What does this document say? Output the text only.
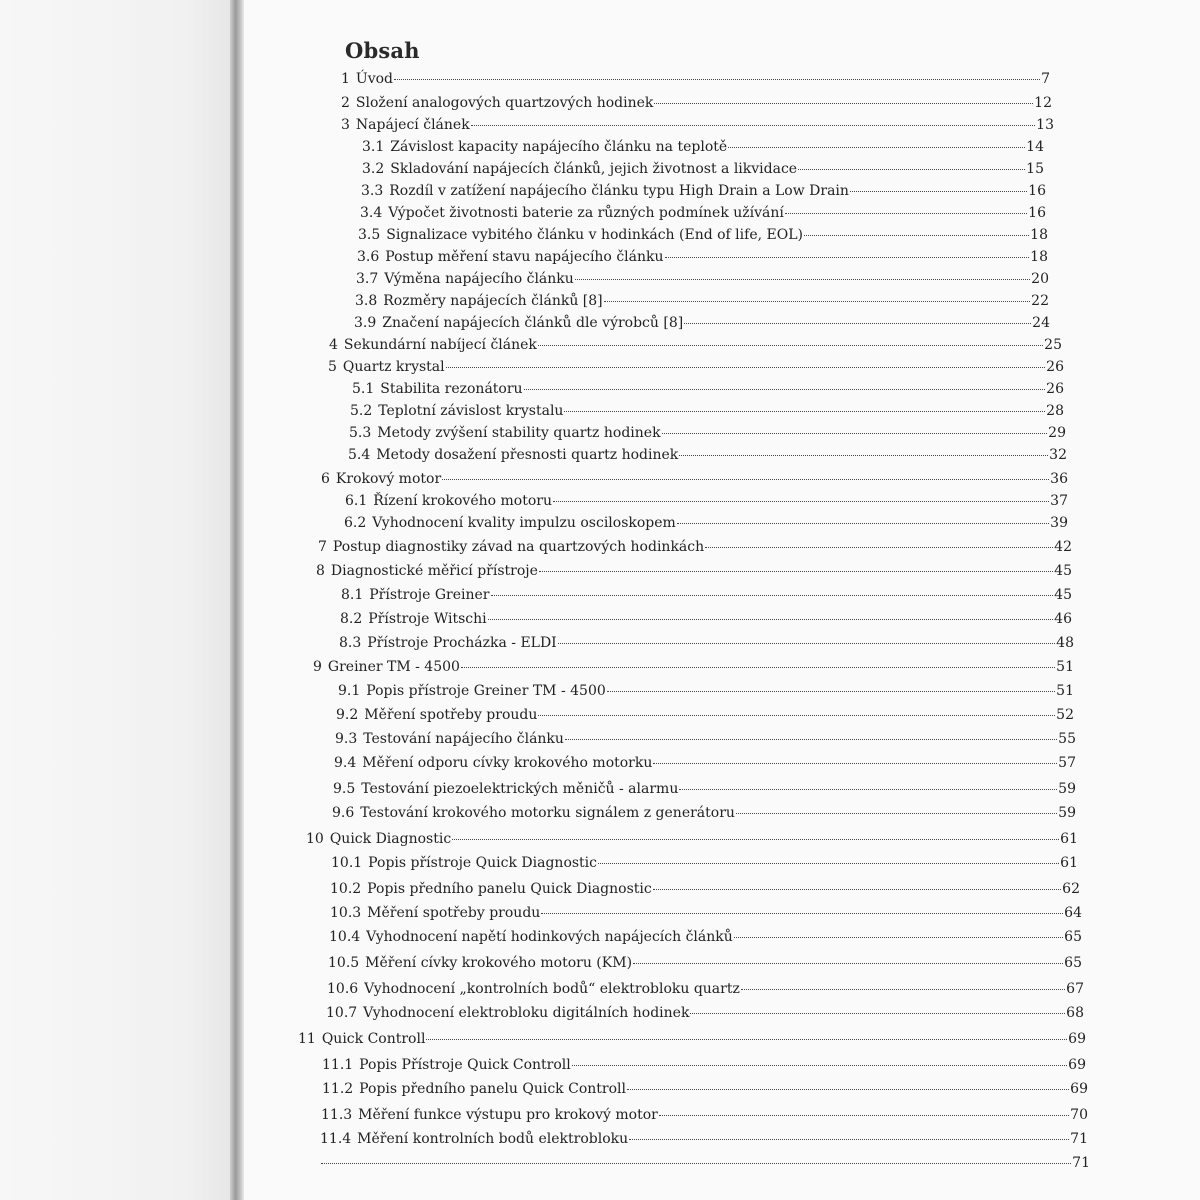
Obsah
1 Úvod	7
2 Složení analogových quartzových hodinek	12
3 Napájecí článek	13
3.1 Závislost kapacity napájecího článku na teplotě	14
3.2 Skladování napájecích článků, jejich životnost a likvidace	15
3.3 Rozdíl v zatížení napájecího článku typu High Drain a Low Drain	16
3.4 Výpočet životnosti baterie za různých podmínek užívání	16
3.5 Signalizace vybitého článku v hodinkách (End of life, EOL)	18
3.6 Postup měření stavu napájecího článku	18
3.7 Výměna napájecího článku	20
3.8 Rozměry napájecích článků [8]	22
3.9 Značení napájecích článků dle výrobců [8]	24
4 Sekundární nabíjecí článek	25
5 Quartz krystal	26
5.1 Stabilita rezonátoru	26
5.2 Teplotní závislost krystalu	28
5.3 Metody zvýšení stability quartz hodinek	29
5.4 Metody dosažení přesnosti quartz hodinek	32
6 Krokový motor	36
6.1 Řízení krokového motoru	37
6.2 Vyhodnocení kvality impulzu osciloskopem	39
7 Postup diagnostiky závad na quartzových hodinkách	42
8 Diagnostické měřicí přístroje	45
8.1 Přístroje Greiner	45
8.2 Přístroje Witschi	46
8.3 Přístroje Procházka - ELDI	48
9 Greiner TM - 4500	51
9.1 Popis přístroje Greiner TM - 4500	51
9.2 Měření spotřeby proudu	52
9.3 Testování napájecího článku	55
9.4 Měření odporu cívky krokového motorku	57
9.5 Testování piezoelektrických měničů - alarmu	59
9.6 Testování krokového motorku signálem z generátoru	59
10 Quick Diagnostic	61
10.1 Popis přístroje Quick Diagnostic	61
10.2 Popis předního panelu Quick Diagnostic	62
10.3 Měření spotřeby proudu	64
10.4 Vyhodnocení napětí hodinkových napájecích článků	65
10.5 Měření cívky krokového motoru (KM)	65
10.6 Vyhodnocení „kontrolních bodů“ elektrobloku quartz	67
10.7 Vyhodnocení elektrobloku digitálních hodinek	68
11 Quick Controll	69
11.1 Popis Přístroje Quick Controll	69
11.2 Popis předního panelu Quick Controll	69
11.3 Měření funkce výstupu pro krokový motor	70
11.4 Měření kontrolních bodů elektrobloku	71
71
